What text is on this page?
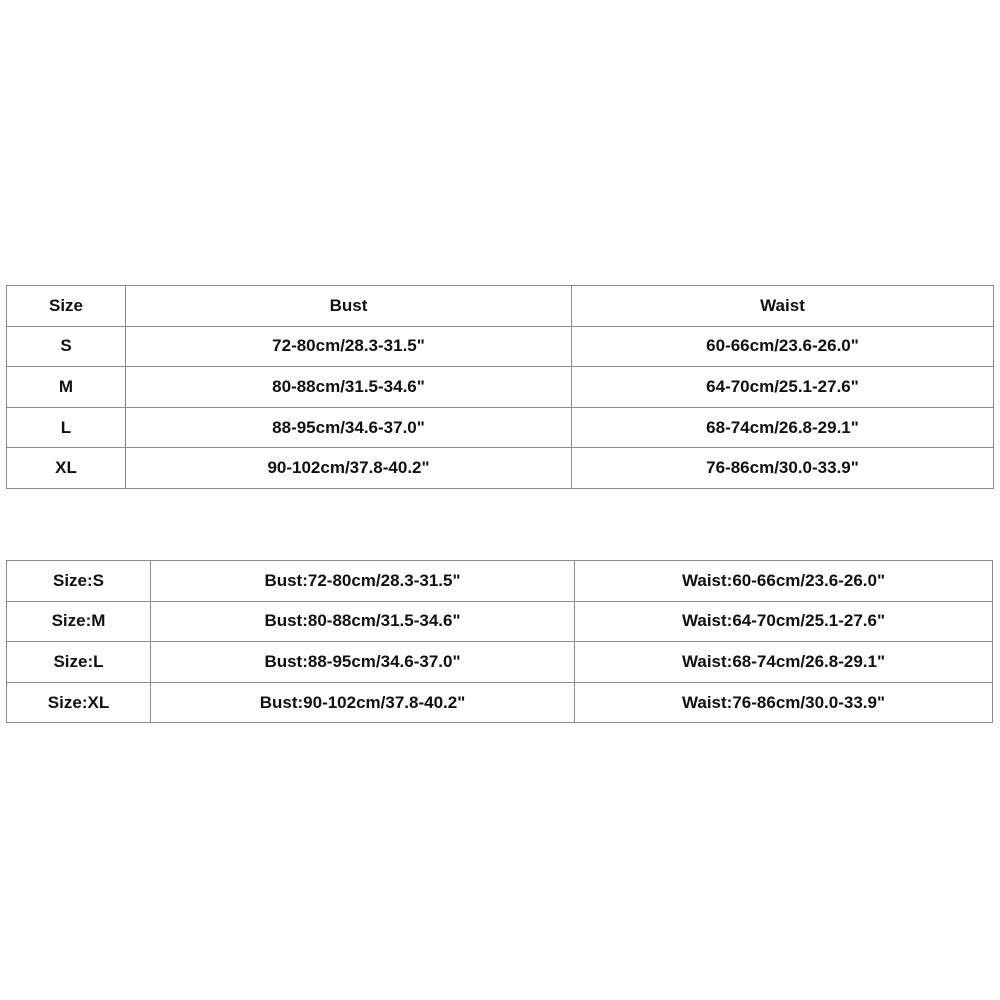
Size	Bust	Waist
S	72-80cm/28.3-31.5"	60-66cm/23.6-26.0"
M	80-88cm/31.5-34.6"	64-70cm/25.1-27.6"
L	88-95cm/34.6-37.0"	68-74cm/26.8-29.1"
XL	90-102cm/37.8-40.2"	76-86cm/30.0-33.9"
Size:S	Bust:72-80cm/28.3-31.5"	Waist:60-66cm/23.6-26.0"
Size:M	Bust:80-88cm/31.5-34.6"	Waist:64-70cm/25.1-27.6"
Size:L	Bust:88-95cm/34.6-37.0"	Waist:68-74cm/26.8-29.1"
Size:XL	Bust:90-102cm/37.8-40.2"	Waist:76-86cm/30.0-33.9"
